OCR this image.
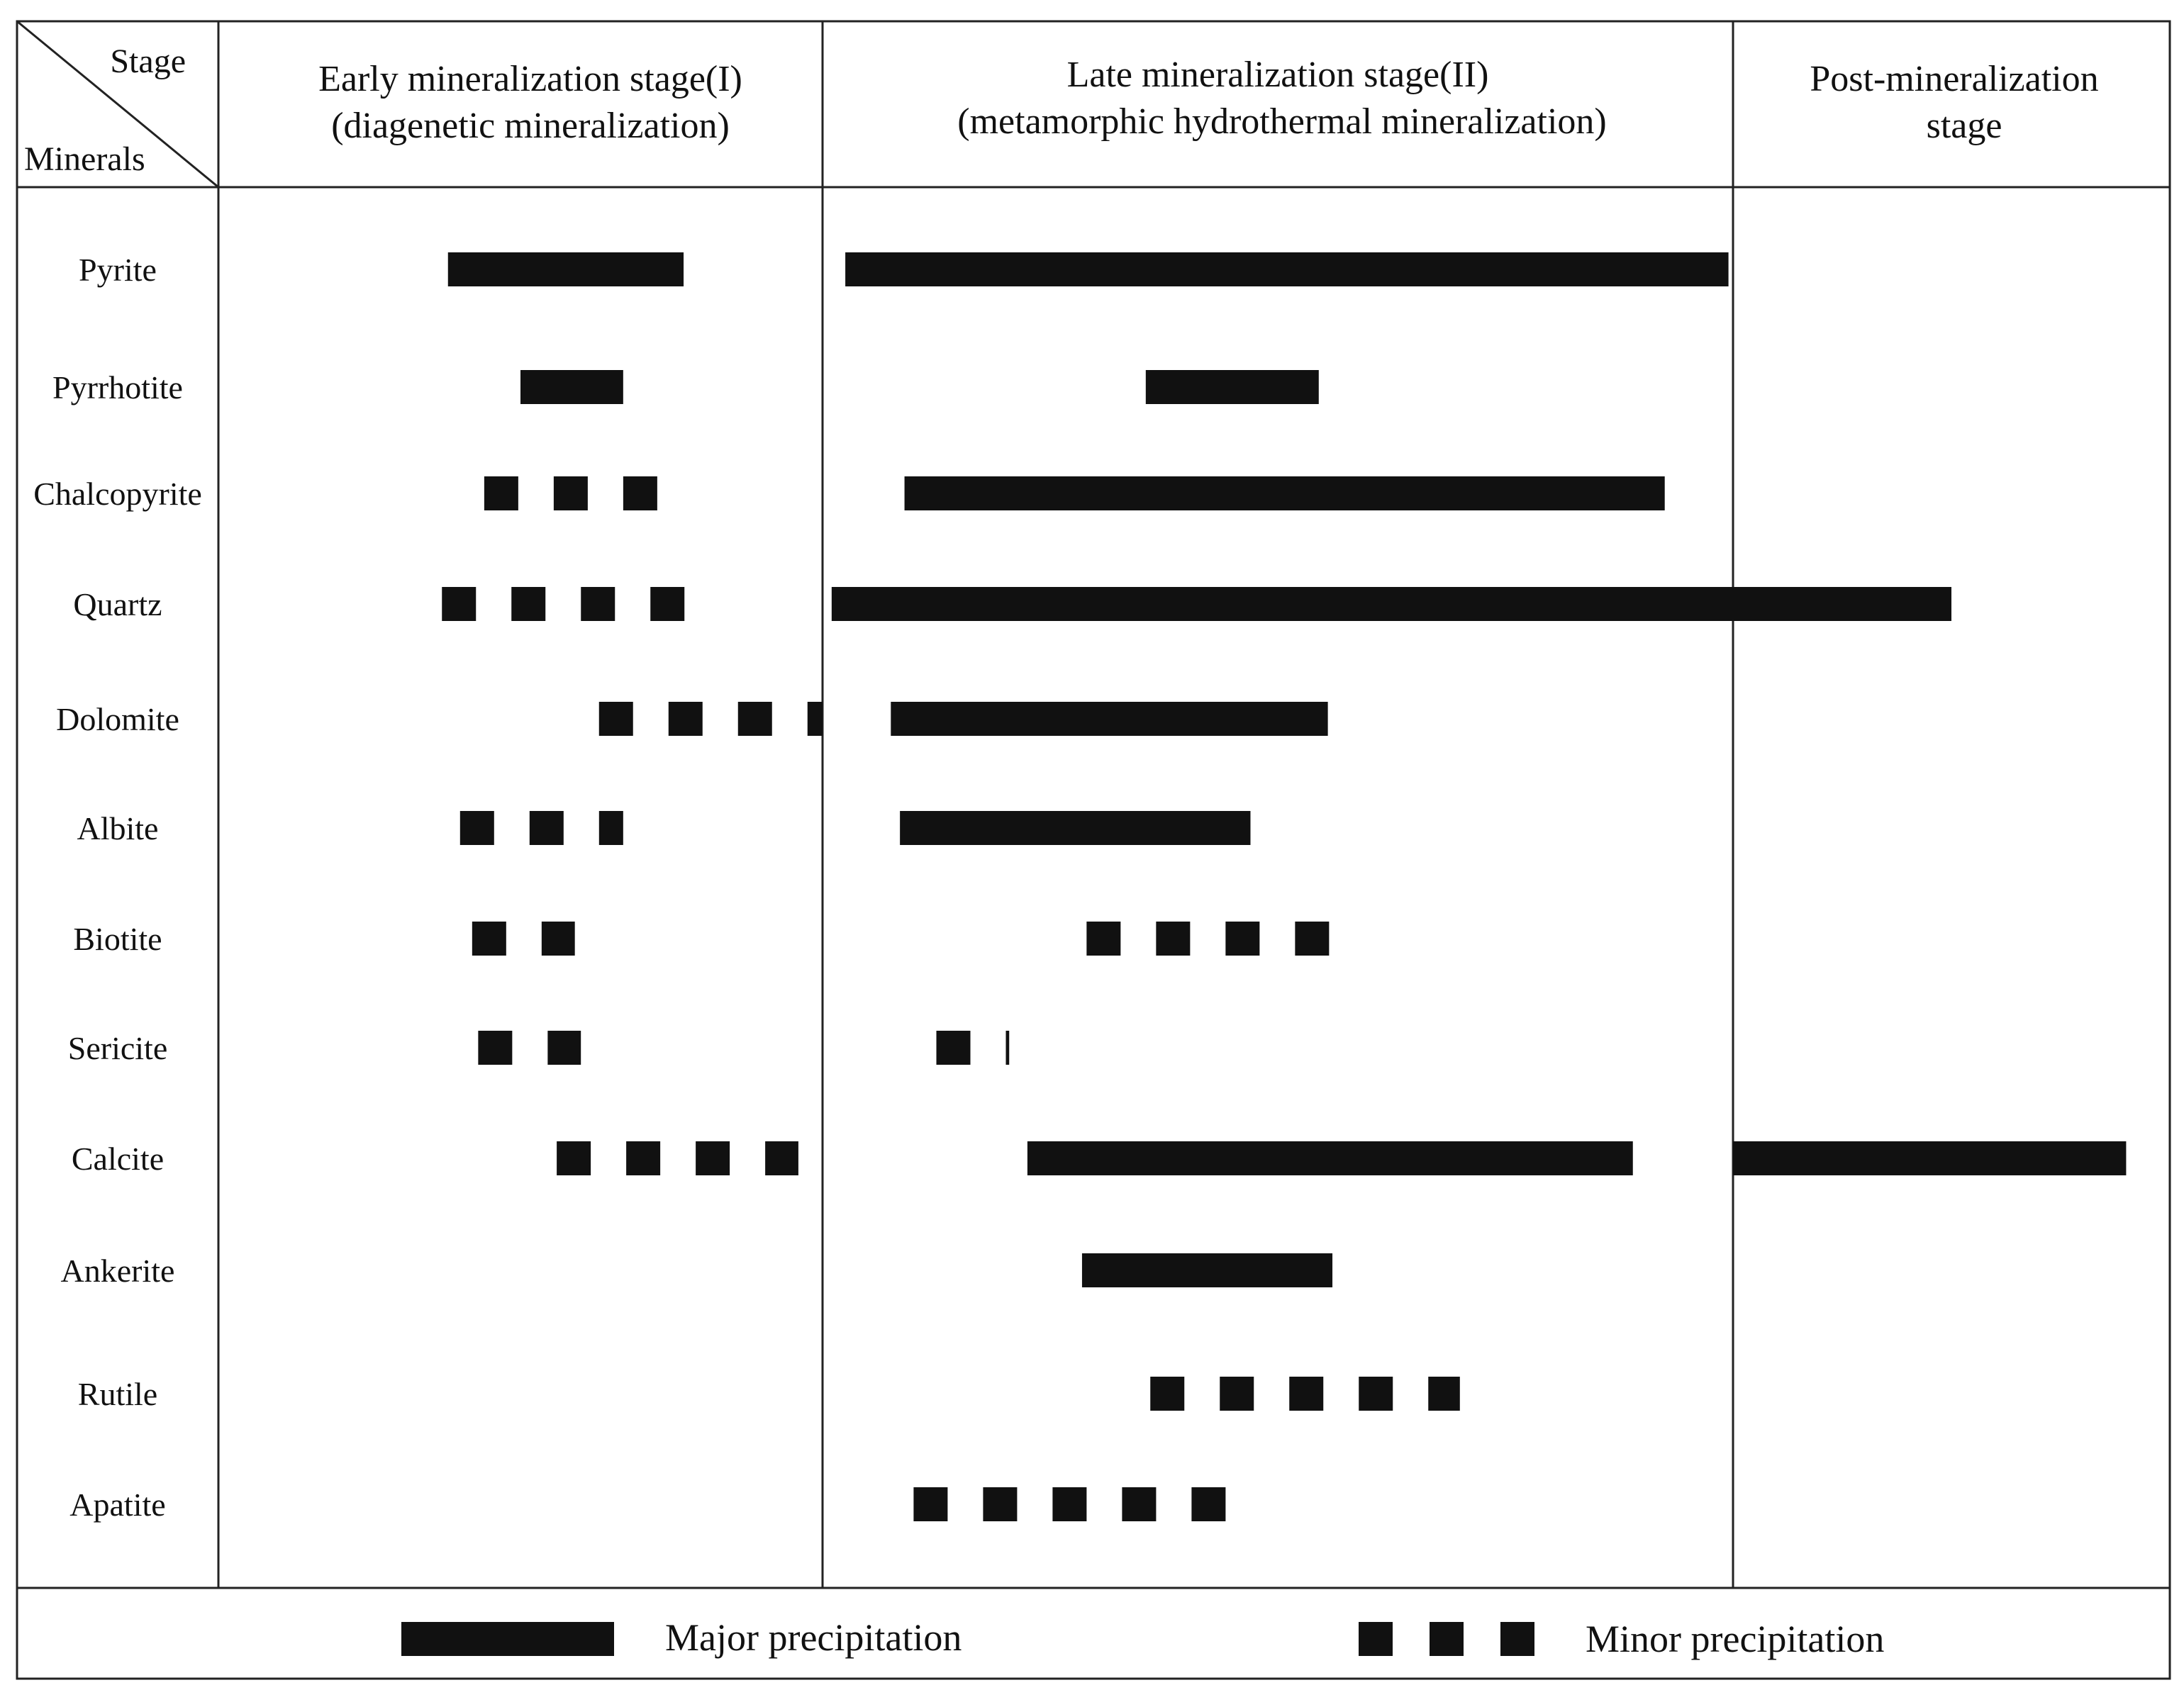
Stage
Minerals
Early mineralization stage(I)
(diagenetic mineralization)
Late mineralization stage(II)
(metamorphic hydrothermal mineralization)
Post-mineralization
stage
Pyrite
Pyrrhotite
Chalcopyrite
Quartz
Dolomite
Albite
Biotite
Sericite
Calcite
Ankerite
Rutile
Apatite
Major precipitation	Minor precipitation
